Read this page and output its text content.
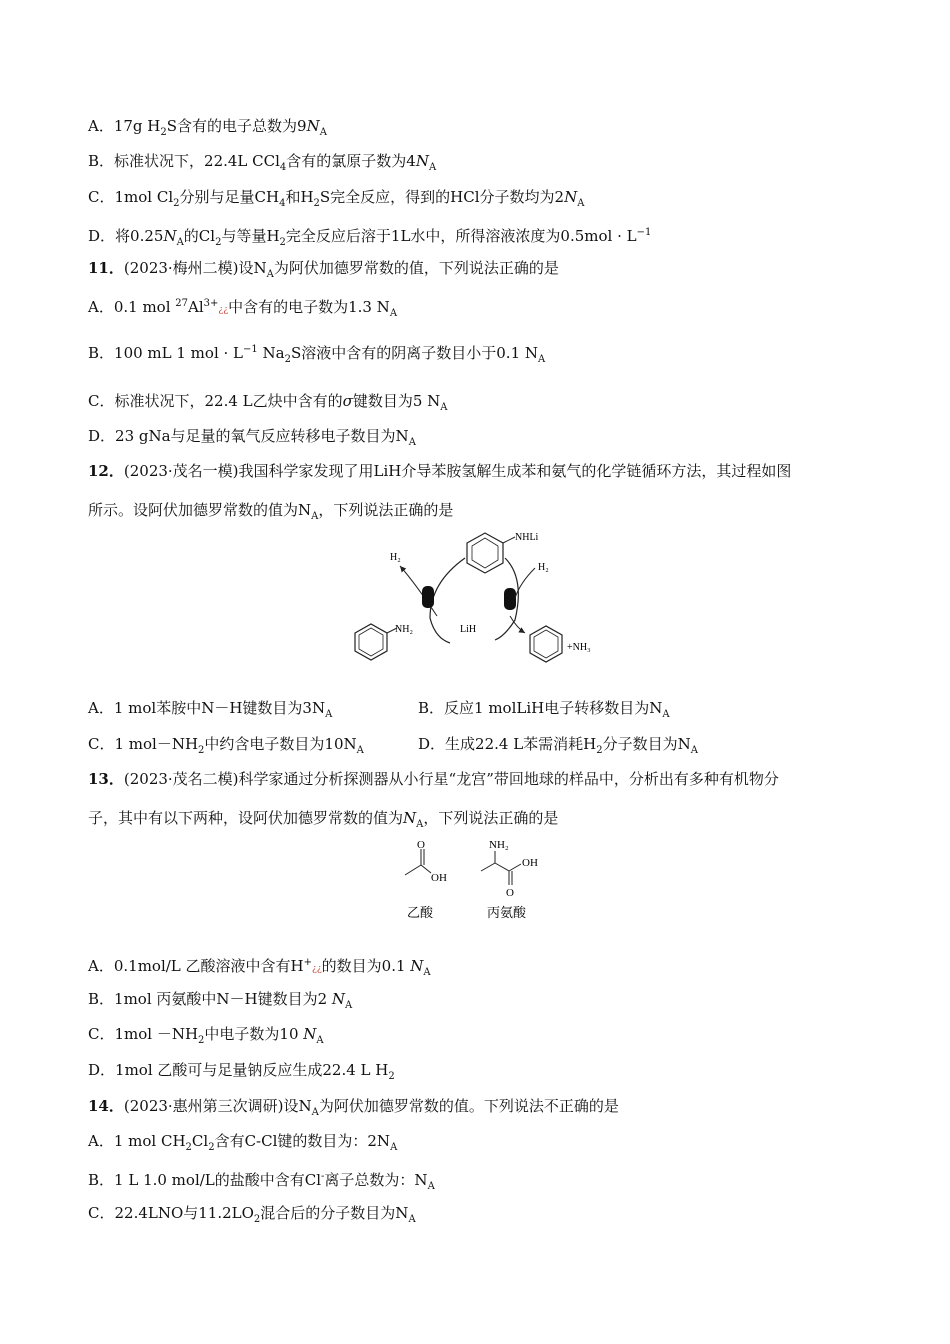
A．17g $H_2S$含有的电子总数为$9N_A$
B．标准状况下，22.4L CCl$_4$含有的氯原子数为$4N_A$
C．1mol $Cl_2$分别与足量$CH_4$和$H_2S$完全反应，得到的HCl分子数均为$2N_A$
D．将$0.25N_A$的$Cl_2$与等量$H_2$完全反应后溶于1L水中，所得溶液浓度为$0.5mol \cdot L^{-1}$
11．(2023·梅州二模)设$N_A$为阿伏加德罗常数的值，下列说法正确的是
A．0.1 mol $^{27}Al^{3+}¿¿$中含有的电子数为1.3 $N_A$
B．100 mL 1 mol · $L^{-1}$ $Na_2S$溶液中含有的阴离子数目小于0.1 $N_A$
C．标准状况下，22.4 L乙炔中含有的σ键数目为5 $N_A$
D．23 gNa与足量的氧气反应转移电子数目为$N_A$
12．(2023·茂名一模)我国科学家发现了用LiH介导苯胺氢解生成苯和氨气的化学链循环方法，其过程如图
所示。设阿伏加德罗常数的值为$N_A$，下列说法正确的是
NHLi
H₂
H₂
LiH
NH₂
+NH₃
A．1 mol苯胺中N－H键数目为$3N_A$	B．反应1 molLiH电子转移数目为$N_A$
C．1 $mol-NH_2$中约含电子数目为$10N_A$	D．生成22.4 L苯需消耗$H_2$分子数目为$N_A$
13．(2023·茂名二模)科学家通过分析探测器从小行星“龙宫”带回地球的样品中，分析出有多种有机物分
子，其中有以下两种，设阿伏加德罗常数的值为$N_A$，下列说法正确的是
O
OH
NH₂
OH
O
乙酸	丙氨酸
A．0.1mol/L 乙酸溶液中含有H+¿¿的数目为0.1 $N_A$
B．1mol 丙氨酸中N－H键数目为2 $N_A$
C．$1mol -NH_2$中电子数为10 $N_A$
D．1mol 乙酸可与足量钠反应生成22.4 L $H_2$
14．(2023·惠州第三次调研)设$N_A$为阿伏加德罗常数的值。下列说法不正确的是
A．1 mol $CH_2Cl_2$含有C-Cl键的数目为：$2N_A$
B．1 L 1.0 mol/L的盐酸中含有Cl-离子总数为：$N_A$
C．22.4LNO与$11.2LO_2$混合后的分子数目为$N_A$
